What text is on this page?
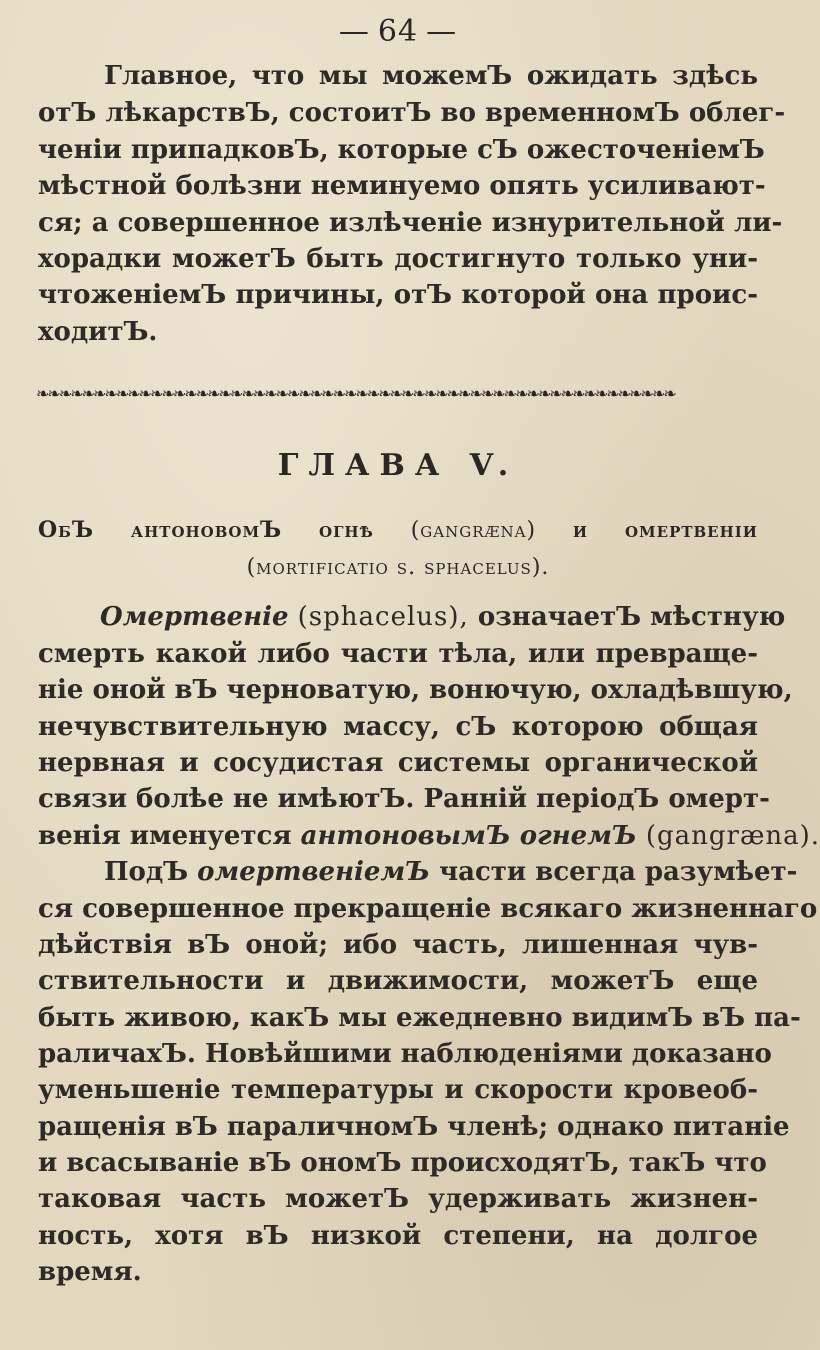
— 64 —
Главное, что мы можемЪ ожидать здѣсь
отЪ лѣкарствЪ, состоитЪ во временномЪ облег-
ченіи припадковЪ, которые сЪ ожесточеніемЪ
мѣстной болѣзни неминуемо опять усиливают-
ся; а совершенное излѣченіе изнурительной ли-
хорадки можетЪ быть достигнуто только уни-
чтоженіемЪ причины, отЪ которой она проис-
ходитЪ.
❧❧❧❧❧❧❧❧❧❧❧❧❧❧❧❧❧❧❧❧❧❧❧❧❧❧❧❧❧❧❧❧❧❧❧❧❧❧❧❧❧❧❧❧❧❧❧❧❧❧❧❧❧❧❧❧
ГЛАВА V.
ОбЪ антоновомЪ огнѣ (gangræna) и омертвеніи
(mortificatio s. sphacelus).
Омертвеніе (sphacelus), означаетЪ мѣстную
смерть какой либо части тѣла, или превраще-
ніе оной вЪ черноватую, вонючую, охладѣвшую,
нечувствительную массу, сЪ которою общая
нервная и сосудистая системы органической
связи болѣе не имѣютЪ. Ранній періодЪ омерт-
венія именуется антоновымЪ огнемЪ (gangræna).
ПодЪ омертвеніемЪ части всегда разумѣет-
ся совершенное прекращеніе всякаго жизненнаго
дѣйствія вЪ оной; ибо часть, лишенная чув-
ствительности и движимости, можетЪ еще
быть живою, какЪ мы ежедневно видимЪ вЪ па-
раличахЪ. Новѣйшими наблюденіями доказано
уменьшеніе температуры и скорости кровеоб-
ращенія вЪ параличномЪ членѣ; однако питаніе
и всасываніе вЪ ономЪ происходятЪ, такЪ что
таковая часть можетЪ удерживать жизнен-
ность, хотя вЪ низкой степени, на долгое
время.
